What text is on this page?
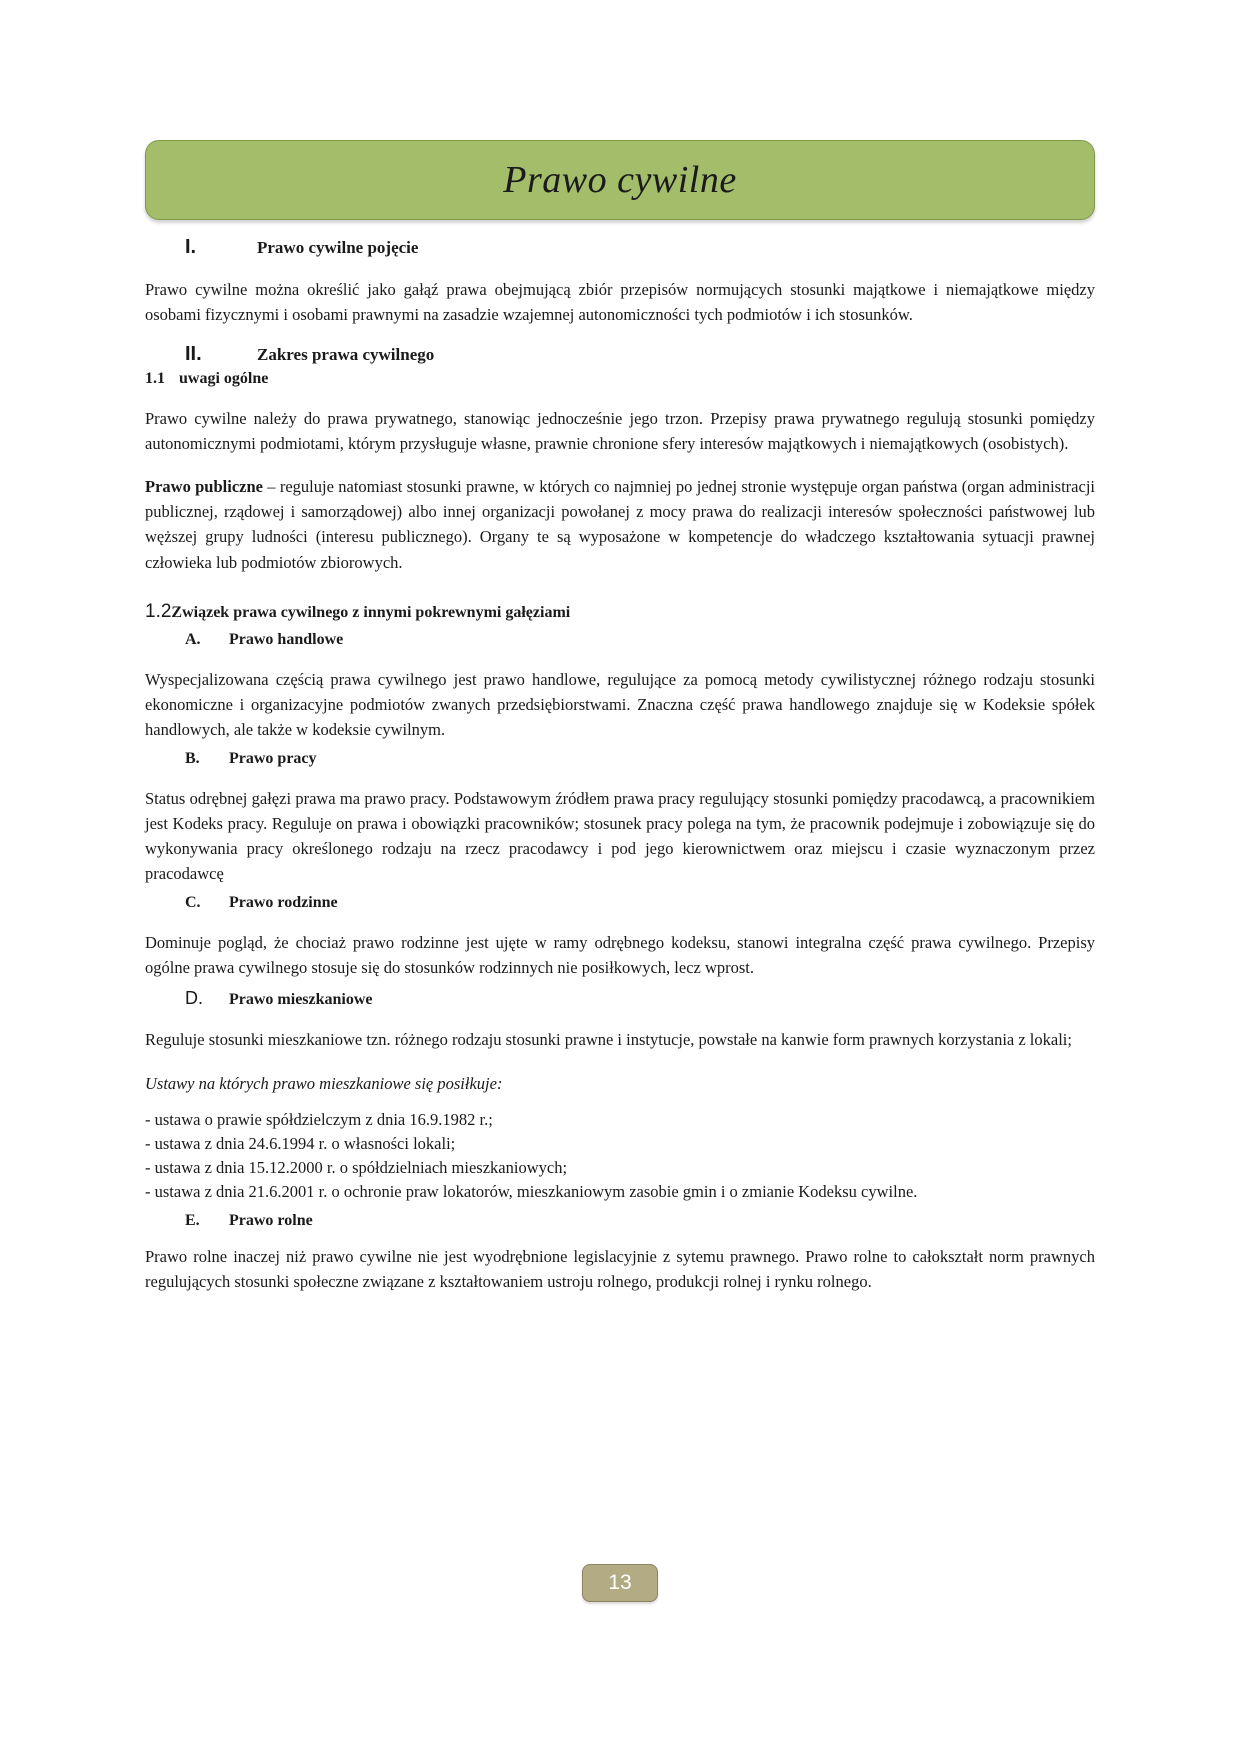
Prawo cywilne
I.	Prawo cywilne pojęcie

Prawo cywilne można określić jako gałąź prawa obejmującą zbiór przepisów normujących stosunki majątkowe i niemajątkowe między osobami fizycznymi i osobami prawnymi na zasadzie wzajemnej autonomiczności tych podmiotów i ich stosunków.

II.	Zakres prawa cywilnego
1.1 uwagi ogólne

Prawo cywilne należy do prawa prywatnego, stanowiąc jednocześnie jego trzon. Przepisy prawa prywatnego regulują stosunki pomiędzy autonomicznymi podmiotami, którym przysługuje własne, prawnie chronione sfery interesów majątkowych i niemajątkowych (osobistych).

Prawo publiczne – reguluje natomiast stosunki prawne, w których co najmniej po jednej stronie występuje organ państwa (organ administracji publicznej, rządowej i samorządowej) albo innej organizacji powołanej z mocy prawa do realizacji interesów społeczności państwowej lub węższej grupy ludności (interesu publicznego). Organy te są wyposażone w kompetencje do władczego kształtowania sytuacji prawnej człowieka lub podmiotów zbiorowych.

1.2 Związek prawa cywilnego z innymi pokrewnymi gałęziami
A.	Prawo handlowe

Wyspecjalizowana częścią prawa cywilnego jest prawo handlowe, regulujące za pomocą metody cywilistycznej różnego rodzaju stosunki ekonomiczne i organizacyjne podmiotów zwanych przedsiębiorstwami. Znaczna część prawa handlowego znajduje się w Kodeksie spółek handlowych, ale także w kodeksie cywilnym.

B.	Prawo pracy

Status odrębnej gałęzi prawa ma prawo pracy. Podstawowym źródłem prawa pracy regulujący stosunki pomiędzy pracodawcą, a pracownikiem jest Kodeks pracy. Reguluje on prawa i obowiązki pracowników; stosunek pracy polega na tym, że pracownik podejmuje i zobowiązuje się do wykonywania pracy określonego rodzaju na rzecz pracodawcy i pod jego kierownictwem oraz miejscu i czasie wyznaczonym przez pracodawcę

C.	Prawo rodzinne

Dominuje pogląd, że chociaż prawo rodzinne jest ujęte w ramy odrębnego kodeksu, stanowi integralna część prawa cywilnego. Przepisy ogólne prawa cywilnego stosuje się do stosunków rodzinnych nie posiłkowych, lecz wprost.

D.	Prawo mieszkaniowe

Reguluje stosunki mieszkaniowe tzn. różnego rodzaju stosunki prawne i instytucje, powstałe na kanwie form prawnych korzystania z lokali;

Ustawy na których prawo mieszkaniowe się posiłkuje:

- ustawa o prawie spółdzielczym z dnia 16.9.1982 r.;
- ustawa z dnia 24.6.1994 r. o własności lokali;
- ustawa z dnia 15.12.2000 r. o spółdzielniach mieszkaniowych;
- ustawa z dnia 21.6.2001 r. o ochronie praw lokatorów, mieszkaniowym zasobie gmin i o zmianie Kodeksu cywilne.
E.	Prawo rolne

Prawo rolne inaczej niż prawo cywilne nie jest wyodrębnione legislacyjnie z sytemu prawnego. Prawo rolne to całokształt norm prawnych regulujących stosunki społeczne związane z kształtowaniem ustroju rolnego, produkcji rolnej i rynku rolnego.

13
